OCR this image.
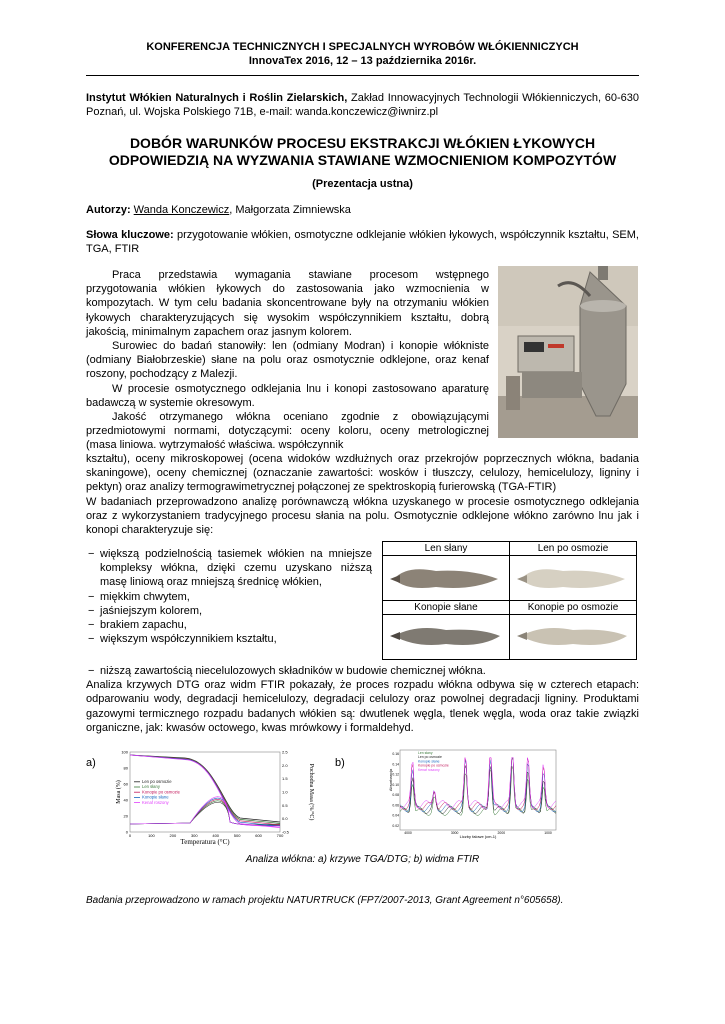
KONFERENCJA TECHNICZNYCH I SPECJALNYCH WYROBÓW WŁÓKIENNICZYCH
InnovaTex 2016, 12 – 13 października 2016r.
Instytut Włókien Naturalnych i Roślin Zielarskich, Zakład Innowacyjnych Technologii Włókienniczych, 60-630 Poznań, ul. Wojska Polskiego 71B, e-mail: wanda.konczewicz@iwnirz.pl
DOBÓR WARUNKÓW PROCESU EKSTRAKCJI WŁÓKIEN ŁYKOWYCH
ODPOWIEDZIĄ NA WYZWANIA STAWIANE WZMOCNIENIOM KOMPOZYTÓW
(Prezentacja ustna)
Autorzy: Wanda Konczewicz, Małgorzata Zimniewska
Słowa kluczowe: przygotowanie włókien, osmotyczne odklejanie włókien łykowych, współczynnik kształtu, SEM, TGA, FTIR

Praca przedstawia wymagania stawiane procesom wstępnego przygotowania włókien łykowych do zastosowania jako wzmocnienia w kompozytach. W tym celu badania skoncentrowane były na otrzymaniu włókien łykowych charakteryzujących się wysokim współczynnikiem kształtu, dobrą jakością, minimalnym zapachem oraz jasnym kolorem.

Surowiec do badań stanowiły: len (odmiany Modran) i konopie włókniste (odmiany Białobrzeskie) słane na polu oraz osmotycznie odklejone, oraz kenaf roszony, pochodzący z Malezji.

W procesie osmotycznego odklejania lnu i konopi zastosowano aparaturę badawczą w systemie okresowym.

Jakość otrzymanego włókna oceniano zgodnie z obowiązującymi przedmiotowymi normami, dotyczącymi: oceny koloru, oceny metrologicznej (masa liniowa. wytrzymałość właściwa. współczynnik

kształtu), oceny mikroskopowej (ocena widoków wzdłużnych oraz przekrojów poprzecznych włókna, badania skaningowe), oceny chemicznej (oznaczanie zawartości: wosków i tłuszczy, celulozy, hemicelulozy, ligniny i pektyn) oraz analizy termograwimetrycznej połączonej ze spektroskopią furierowską (TGA-FTIR)

W badaniach przeprowadzono analizę porównawczą włókna uzyskanego w procesie osmotycznego odklejania oraz z wykorzystaniem tradycyjnego procesu słania na polu. Osmotycznie odklejone włókno zarówno lnu jak i konopi charakteryzuje się:

− większą podzielnością tasiemek włókien na mniejsze kompleksy włókna, dzięki czemu uzyskano niższą masę liniową oraz mniejszą średnicę włókien,
− miękkim chwytem,
− jaśniejszym kolorem,
− brakiem zapachu,
− większym współczynnikiem kształtu,
− niższą zawartością niecelulozowych składników w budowie chemicznej włókna.

Analiza krzywych DTG oraz widm FTIR pokazały, że proces rozpadu włókna odbywa się w czterech etapach: odparowaniu wody, degradacji hemicelulozy, degradacji celulozy oraz powolnej degradacji ligniny. Produktami gazowymi termicznego rozpadu badanych włókien są: dwutlenek węgla, tlenek węgla, woda oraz takie związki organiczne, jak: kwasów octowego, kwas mrówkowy i formaldehyd.

Len słany	Len po osmozie

Konopie słane	Konopie po osmozie

a)	b)
100
80
60
40
20
0
2.5
2.0
1.5
1.0
0.5
0.0
-0.5
0	100	200	300	400	500	600	700
Len po osmozie
Len słany
Konopie po osmozie
Konopie słane
Kenaf roszony
Masa (%)	Pochodna Masa (%/°C)
Temperatura (°C)
0.16
0.14
0.12
0.10
0.08
0.06
0.04
0.02
4000	3000	2000	1000
Len słany
Len po osmozie
Konopie słane
Konopie po osmozie
Kenaf roszony
Absorbancja
Liczby falowe (cm-1)
Analiza włókna: a) krzywe TGA/DTG; b) widma FTIR
Badania przeprowadzono w ramach projektu NATURTRUCK (FP7/2007-2013, Grant Agreement n°605658).
